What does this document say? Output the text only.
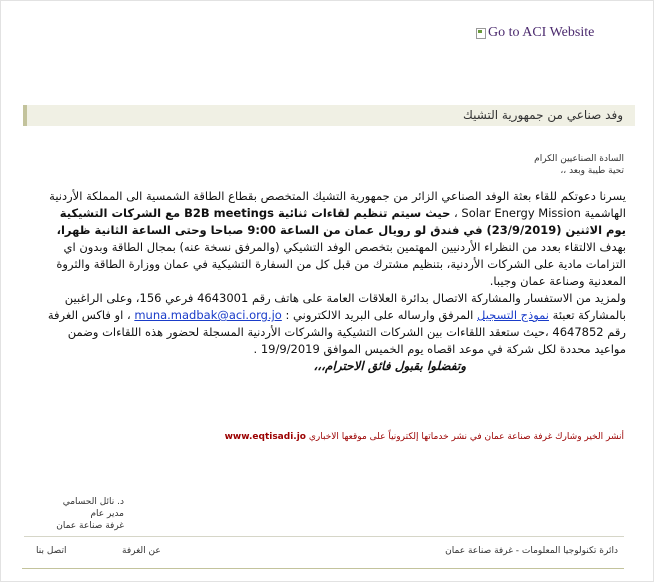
Go to ACI Website
وفد صناعي من جمهورية التشيك
السادة الصناعيين الكرام
تحية طيبة وبعد ،،

يسرنا دعوتكم للقاء بعثة الوفد الصناعي الزائر من جمهورية التشيك المتخصص بقطاع الطاقة الشمسية الى المملكة الأردنية الهاشمية Solar Energy Mission ، حيث سيتم تنظيم لقاءات ثنائية B2B meetings مع الشركات التشيكية يوم الاثنين (23/9/2019) في فندق لو رويال عمان من الساعة 9:00 صباحا وحتى الساعة الثانية ظهرا، بهدف الالتقاء بعدد من النظراء الأردنيين المهتمين بتخصص الوفد التشيكي (والمرفق نسخة عنه) بمجال الطاقة وبدون اي التزامات مادية على الشركات الأردنية، بتنظيم مشترك من قبل كل من السفارة التشيكية في عمان ووزارة الطاقة والثروة المعدنية وصناعة عمان وجيبا.

ولمزيد من الاستفسار والمشاركة الاتصال بدائرة العلاقات العامة على هاتف رقم 4643001 فرعي 156، وعلى الراغبين بالمشاركة تعبئة نموذج التسجيل المرفق وارساله على البريد الالكتروني : muna.madbak@aci.org.jo ، او فاكس الغرفة رقم 4647852 ،حيث ستعقد اللقاءات بين الشركات التشيكية والشركات الأردنية المسجلة لحضور هذه اللقاءات وضمن مواعيد محددة لكل شركة في موعد اقصاه يوم الخميس الموافق 19/9/2019 .

وتفضلوا بقبول فائق الاحترام،،،

أنشر الخير وشارك غرفة صناعة عمان في نشر خدماتها إلكترونياً على موقعها الاخباري www.eqtisadi.jo
د. نائل الحسامي
مدير عام
غرفة صناعة عمان
دائرة تكنولوجيا المعلومات - غرفة صناعة عمان
عن الغرفة
اتصل بنا
